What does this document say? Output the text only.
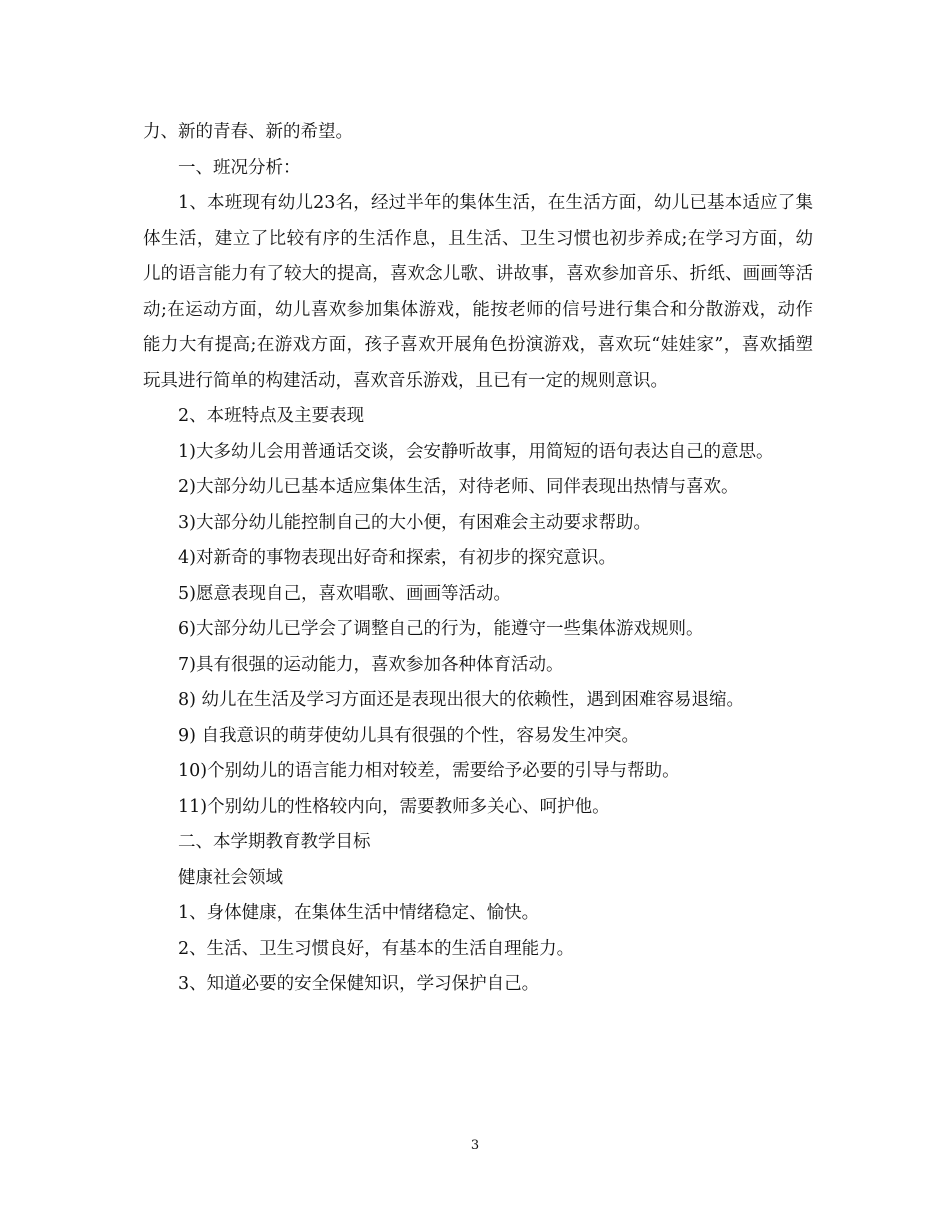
力、新的青春、新的希望。

一、班况分析：

1、本班现有幼儿23名，经过半年的集体生活，在生活方面，幼儿已基本适应了集体生活，建立了比较有序的生活作息，且生活、卫生习惯也初步养成;在学习方面，幼儿的语言能力有了较大的提高，喜欢念儿歌、讲故事，喜欢参加音乐、折纸、画画等活动;在运动方面，幼儿喜欢参加集体游戏，能按老师的信号进行集合和分散游戏，动作能力大有提高;在游戏方面，孩子喜欢开展角色扮演游戏，喜欢玩“娃娃家”，喜欢插塑玩具进行简单的构建活动，喜欢音乐游戏，且已有一定的规则意识。

2、本班特点及主要表现

1)大多幼儿会用普通话交谈，会安静听故事，用简短的语句表达自己的意思。

2)大部分幼儿已基本适应集体生活，对待老师、同伴表现出热情与喜欢。

3)大部分幼儿能控制自己的大小便，有困难会主动要求帮助。

4)对新奇的事物表现出好奇和探索，有初步的探究意识。

5)愿意表现自己，喜欢唱歌、画画等活动。

6)大部分幼儿已学会了调整自己的行为，能遵守一些集体游戏规则。

7)具有很强的运动能力，喜欢参加各种体育活动。

8) 幼儿在生活及学习方面还是表现出很大的依赖性，遇到困难容易退缩。

9) 自我意识的萌芽使幼儿具有很强的个性，容易发生冲突。

10)个别幼儿的语言能力相对较差，需要给予必要的引导与帮助。

11)个别幼儿的性格较内向，需要教师多关心、呵护他。

二、本学期教育教学目标

健康社会领域

1、身体健康，在集体生活中情绪稳定、愉快。

2、生活、卫生习惯良好，有基本的生活自理能力。

3、知道必要的安全保健知识，学习保护自己。

3
